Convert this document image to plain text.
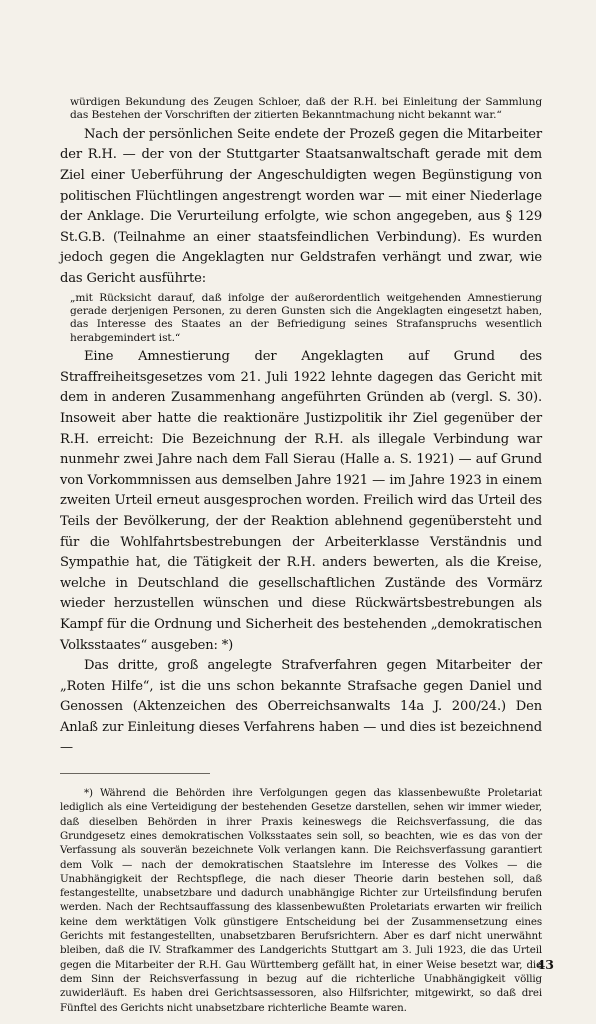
würdigen Bekundung des Zeugen Schloer, daß der R.H. bei Einleitung der Sammlung das Bestehen der Vorschriften der zitierten Bekanntmachung nicht bekannt war.“

Nach der persönlichen Seite endete der Prozeß gegen die Mitarbeiter der R.H. — der von der Stuttgarter Staatsanwaltschaft gerade mit dem Ziel einer Ueberführung der Angeschuldigten wegen Begünstigung von politischen Flüchtlingen angestrengt worden war — mit einer Niederlage der Anklage. Die Verurteilung erfolgte, wie schon angegeben, aus § 129 St.G.B. (Teilnahme an einer staatsfeindlichen Verbindung). Es wurden jedoch gegen die Angeklagten nur Geldstrafen verhängt und zwar, wie das Gericht ausführte:

„mit Rücksicht darauf, daß infolge der außerordentlich weitgehenden Amnestierung gerade derjenigen Personen, zu deren Gunsten sich die Angeklagten eingesetzt haben, das Interesse des Staates an der Befriedigung seines Strafanspruchs wesentlich herabgemindert ist.“

Eine Amnestierung der Angeklagten auf Grund des Straffreiheitsgesetzes vom 21. Juli 1922 lehnte dagegen das Gericht mit dem in anderen Zusammenhang angeführten Gründen ab (vergl. S. 30). Insoweit aber hatte die reaktionäre Justizpolitik ihr Ziel gegenüber der R.H. erreicht: Die Bezeichnung der R.H. als illegale Verbindung war nunmehr zwei Jahre nach dem Fall Sierau (Halle a. S. 1921) — auf Grund von Vorkommnissen aus demselben Jahre 1921 — im Jahre 1923 in einem zweiten Urteil erneut ausgesprochen worden. Freilich wird das Urteil des Teils der Bevölkerung, der der Reaktion ablehnend gegenübersteht und für die Wohlfahrtsbestrebungen der Arbeiterklasse Verständnis und Sympathie hat, die Tätigkeit der R.H. anders bewerten, als die Kreise, welche in Deutschland die gesellschaftlichen Zustände des Vormärz wieder herzustellen wünschen und diese Rückwärtsbestrebungen als Kampf für die Ordnung und Sicherheit des bestehenden „demokratischen Volksstaates“ ausgeben: *)

Das dritte, groß angelegte Strafverfahren gegen Mitarbeiter der „Roten Hilfe“, ist die uns schon bekannte Strafsache gegen Daniel und Genossen (Aktenzeichen des Oberreichsanwalts 14a J. 200/24.) Den Anlaß zur Einleitung dieses Verfahrens haben — und dies ist bezeichnend —

*) Während die Behörden ihre Verfolgungen gegen das klassenbewußte Proletariat lediglich als eine Verteidigung der bestehenden Gesetze darstellen, sehen wir immer wieder, daß dieselben Behörden in ihrer Praxis keineswegs die Reichsverfassung, die das Grundgesetz eines demokratischen Volksstaates sein soll, so beachten, wie es das von der Verfassung als souverän bezeichnete Volk verlangen kann. Die Reichsverfassung garantiert dem Volk — nach der demokratischen Staatslehre im Interesse des Volkes — die Unabhängigkeit der Rechtspflege, die nach dieser Theorie darin bestehen soll, daß festangestellte, unabsetzbare und dadurch unabhängige Richter zur Urteilsfindung berufen werden. Nach der Rechtsauffassung des klassenbewußten Proletariats erwarten wir freilich keine dem werktätigen Volk günstigere Entscheidung bei der Zusammensetzung eines Gerichts mit festangestellten, unabsetzbaren Berufsrichtern. Aber es darf nicht unerwähnt bleiben, daß die IV. Strafkammer des Landgerichts Stuttgart am 3. Juli 1923, die das Urteil gegen die Mitarbeiter der R.H. Gau Württemberg gefällt hat, in einer Weise besetzt war, die dem Sinn der Reichsverfassung in bezug auf die richterliche Unabhängigkeit völlig zuwiderläuft. Es haben drei Gerichtsassessoren, also Hilfsrichter, mitgewirkt, so daß drei Fünftel des Gerichts nicht unabsetzbare richterliche Beamte waren.

43
